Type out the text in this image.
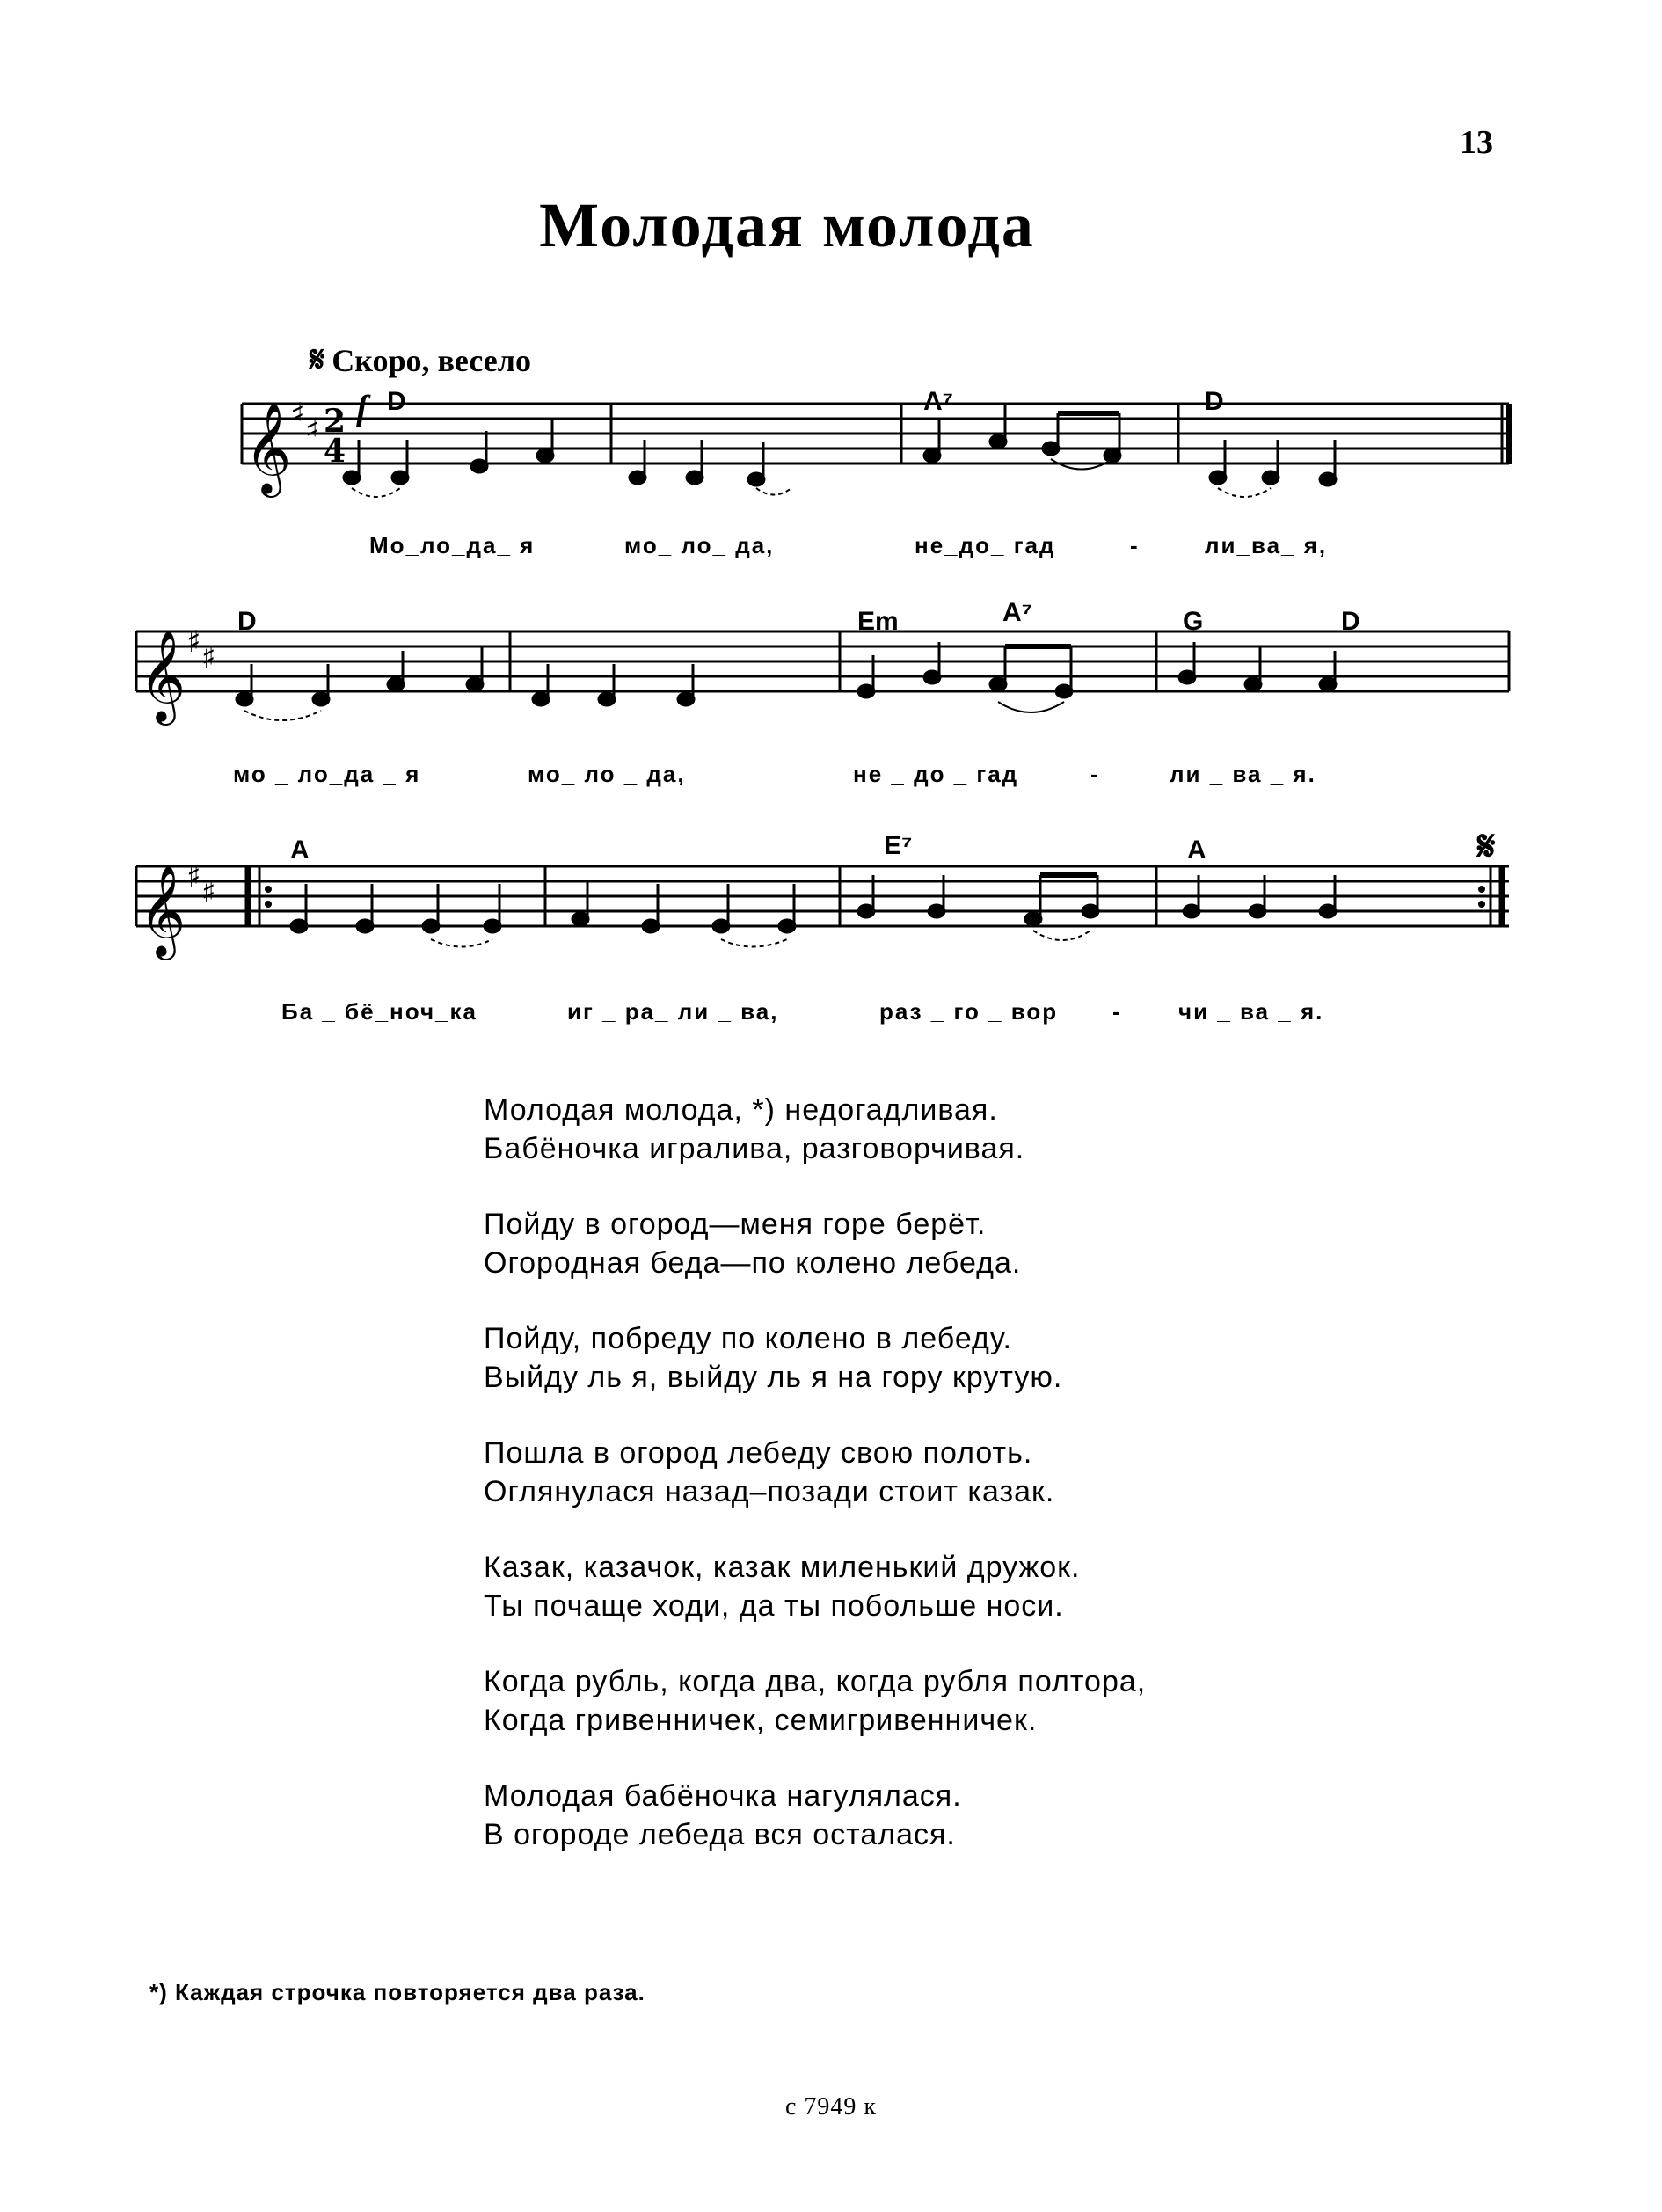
13
Молодая молода
𝄋 Скоро, весело
f
𝄞
𝄞
𝄞
♯ ♯
♯ ♯
♯ ♯
2
4
D	A⁷	D
Мо_ло_да_ я	мо_ ло_ да,	не_до_ гад	-	ли_ва_ я,
D	Em	A⁷	G	D
мо _ ло_да _ я	мо_ ло _ да,	не _ до _ гад	-	ли _ ва _ я.
A	E⁷	A	𝄋
Ба _ бё_ноч_ка	иг _ ра_ ли _ ва,	раз _ го _ вор - чи _ ва _ я.
Молодая молода, *) недогадливая.
Бабёночка игралива, разговорчивая.
Пойду в огород—меня горе берёт.
Огородная беда—по колено лебеда.
Пойду, побреду по колено в лебеду.
Выйду ль я, выйду ль я на гору крутую.
Пошла в огород лебеду свою полоть.
Оглянулася назад–позади стоит казак.
Казак, казачок, казак миленький дружок.
Ты почаще ходи, да ты побольше носи.
Когда рубль, когда два, когда рубля полтора,
Когда гривенничек, семигривенничек.
Молодая бабёночка нагулялася.
В огороде лебеда вся осталася.
*) Каждая строчка повторяется два раза.
с 7949 к
